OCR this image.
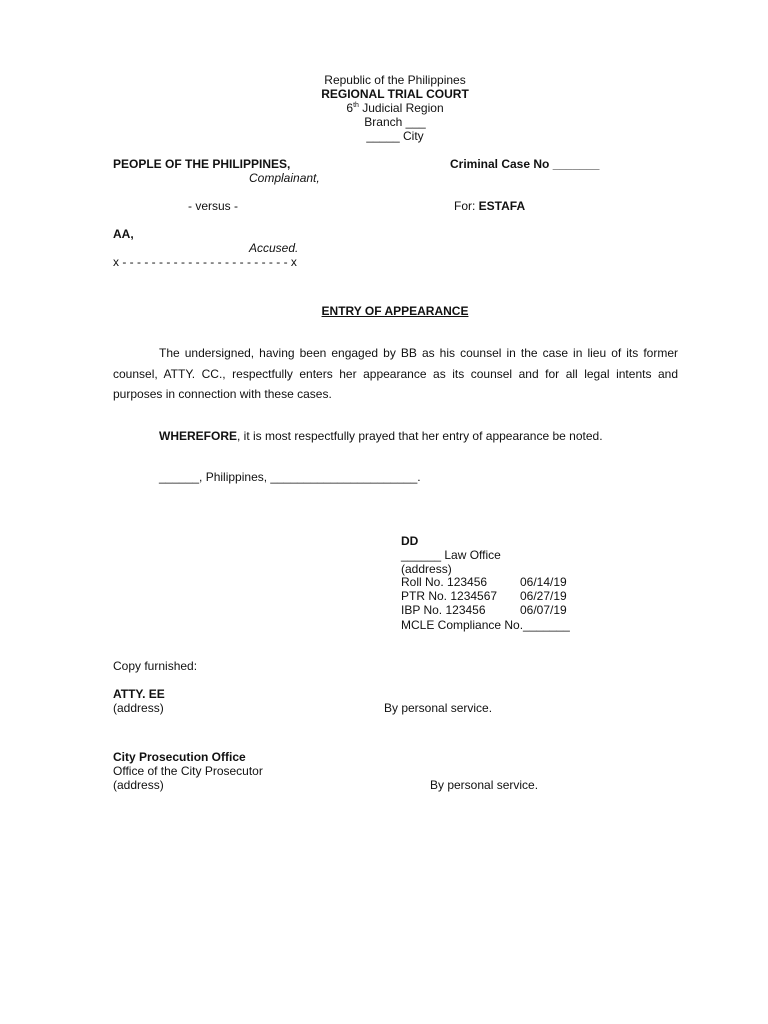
Republic of the Philippines
REGIONAL TRIAL COURT
6th Judicial Region
Branch ___
_____ City
PEOPLE OF THE PHILIPPINES,
Complainant,
- versus -
AA,
Accused.
x - - - - - - - - - - - - - - - - - - - - - - - x
Criminal Case No _______
For: ESTAFA
ENTRY OF APPEARANCE
The undersigned, having been engaged by BB as his counsel in the case in lieu of its former counsel, ATTY. CC., respectfully enters her appearance as its counsel and for all legal intents and purposes in connection with these cases.
WHEREFORE, it is most respectfully prayed that her entry of appearance be noted.
______, Philippines, ______________________.
DD
______ Law Office
(address)
Roll No. 123456	06/14/19
PTR No. 1234567 06/27/19
IBP No. 123456	06/07/19
MCLE Compliance No._______
Copy furnished:
ATTY. EE
(address)	By personal service.
City Prosecution Office
Office of the City Prosecutor
(address)	By personal service.
